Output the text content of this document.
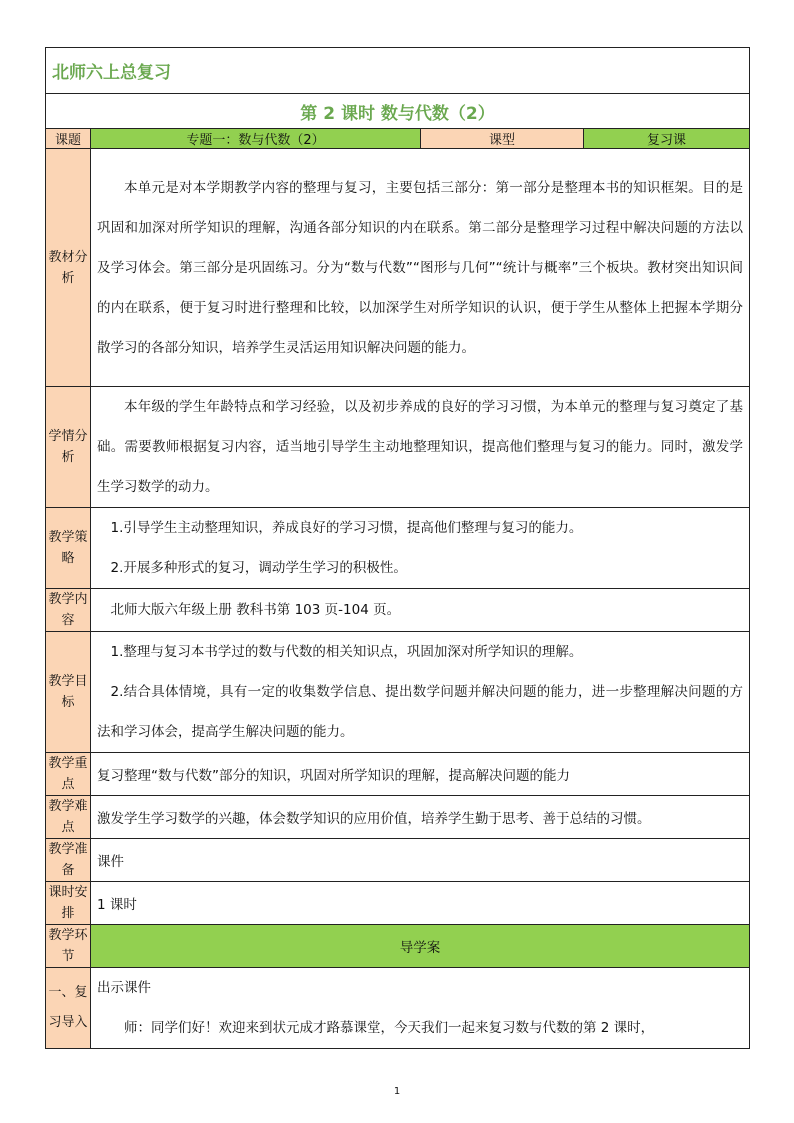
北师六上总复习			
第 2 课时 数与代数（2）			
课题	专题一：数与代数（2）	课型	复习课
教材分析	本单元是对本学期教学内容的整理与复习，主要包括三部分：第一部分是整理本书的知识框架。目的是巩固和加深对所学知识的理解，沟通各部分知识的内在联系。第二部分是整理学习过程中解决问题的方法以及学习体会。第三部分是巩固练习。分为“数与代数”“图形与几何”“统计与概率”三个板块。教材突出知识间的内在联系，便于复习时进行整理和比较，以加深学生对所学知识的认识，便于学生从整体上把握本学期分散学习的各部分知识，培养学生灵活运用知识解决问题的能力。		

学情分析	本年级的学生年龄特点和学习经验，以及初步养成的良好的学习习惯，为本单元的整理与复习奠定了基础。需要教师根据复习内容，适当地引导学生主动地整理知识，提高他们整理与复习的能力。同时，激发学生学习数学的动力。		

教学策略	1.引导学生主动整理知识，养成良好的学习习惯，提高他们整理与复习的能力。

2.开展多种形式的复习，调动学生学习的积极性。		

教学内容	北师大版六年级上册 教科书第 103 页-104 页。		

教学目标	1.整理与复习本书学过的数与代数的相关知识点，巩固加深对所学知识的理解。

2.结合具体情境，具有一定的收集数学信息、提出数学问题并解决问题的能力，进一步整理解决问题的方法和学习体会，提高学生解决问题的能力。		

教学重点	复习整理“数与代数”部分的知识，巩固对所学知识的理解，提高解决问题的能力		
教学难点	激发学生学习数学的兴趣，体会数学知识的应用价值，培养学生勤于思考、善于总结的习惯。		
教学准备	课件		
课时安排	1 课时		
教学环节	导学案		
一、复习导入	出示课件

师：同学们好！欢迎来到状元成才路慕课堂，今天我们一起来复习数与代数的第 2 课时，		

1
